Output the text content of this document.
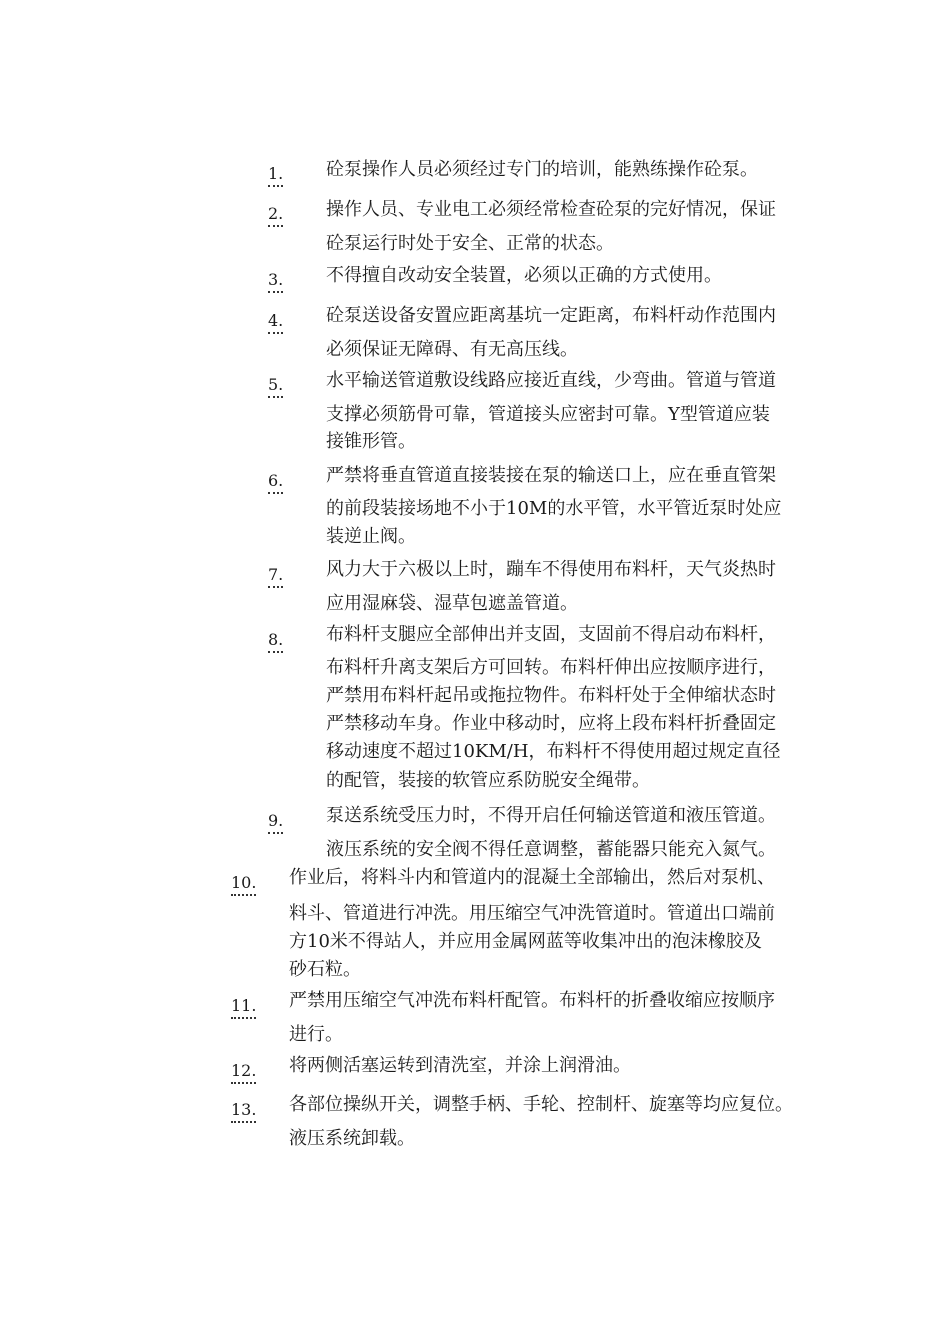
1. 砼泵操作人员必须经过专门的培训，能熟练操作砼泵。
2. 操作人员、专业电工必须经常检查砼泵的完好情况，保证
砼泵运行时处于安全、正常的状态。
3. 不得擅自改动安全装置，必须以正确的方式使用。
4. 砼泵送设备安置应距离基坑一定距离，布料杆动作范围内
必须保证无障碍、有无高压线。
5. 水平输送管道敷设线路应接近直线，少弯曲。管道与管道
支撑必须筋骨可靠，管道接头应密封可靠。Y型管道应装
接锥形管。
6. 严禁将垂直管道直接装接在泵的输送口上，应在垂直管架
的前段装接场地不小于10M的水平管，水平管近泵时处应
装逆止阀。
7. 风力大于六极以上时，蹦车不得使用布料杆，天气炎热时
应用湿麻袋、湿草包遮盖管道。
8. 布料杆支腿应全部伸出并支固，支固前不得启动布料杆，
布料杆升离支架后方可回转。布料杆伸出应按顺序进行，
严禁用布料杆起吊或拖拉物件。布料杆处于全伸缩状态时
严禁移动车身。作业中移动时，应将上段布料杆折叠固定
移动速度不超过10KM/H，布料杆不得使用超过规定直径
的配管，装接的软管应系防脱安全绳带。
9. 泵送系统受压力时，不得开启任何输送管道和液压管道。
液压系统的安全阀不得任意调整，蓄能器只能充入氮气。
10. 作业后，将料斗内和管道内的混凝土全部输出，然后对泵机、
料斗、管道进行冲洗。用压缩空气冲洗管道时。管道出口端前
方10米不得站人，并应用金属网蓝等收集冲出的泡沫橡胶及
砂石粒。
11. 严禁用压缩空气冲洗布料杆配管。布料杆的折叠收缩应按顺序
进行。
12. 将两侧活塞运转到清洗室，并涂上润滑油。
13. 各部位操纵开关，调整手柄、手轮、控制杆、旋塞等均应复位。
液压系统卸载。
